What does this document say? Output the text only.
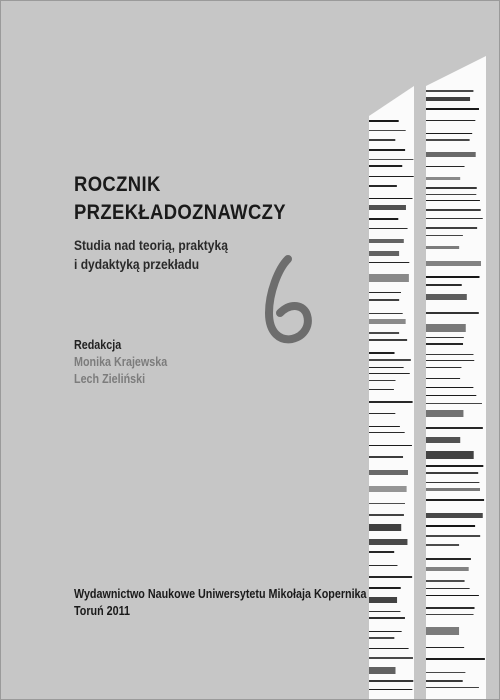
ROCZNIK
PRZEKŁADOZNAWCZY
Studia nad teorią, praktyką
i dydaktyką przekładu
6
Redakcja
Monika Krajewska
Lech Zieliński
Wydawnictwo Naukowe Uniwersytetu Mikołaja Kopernika
Toruń 2011
